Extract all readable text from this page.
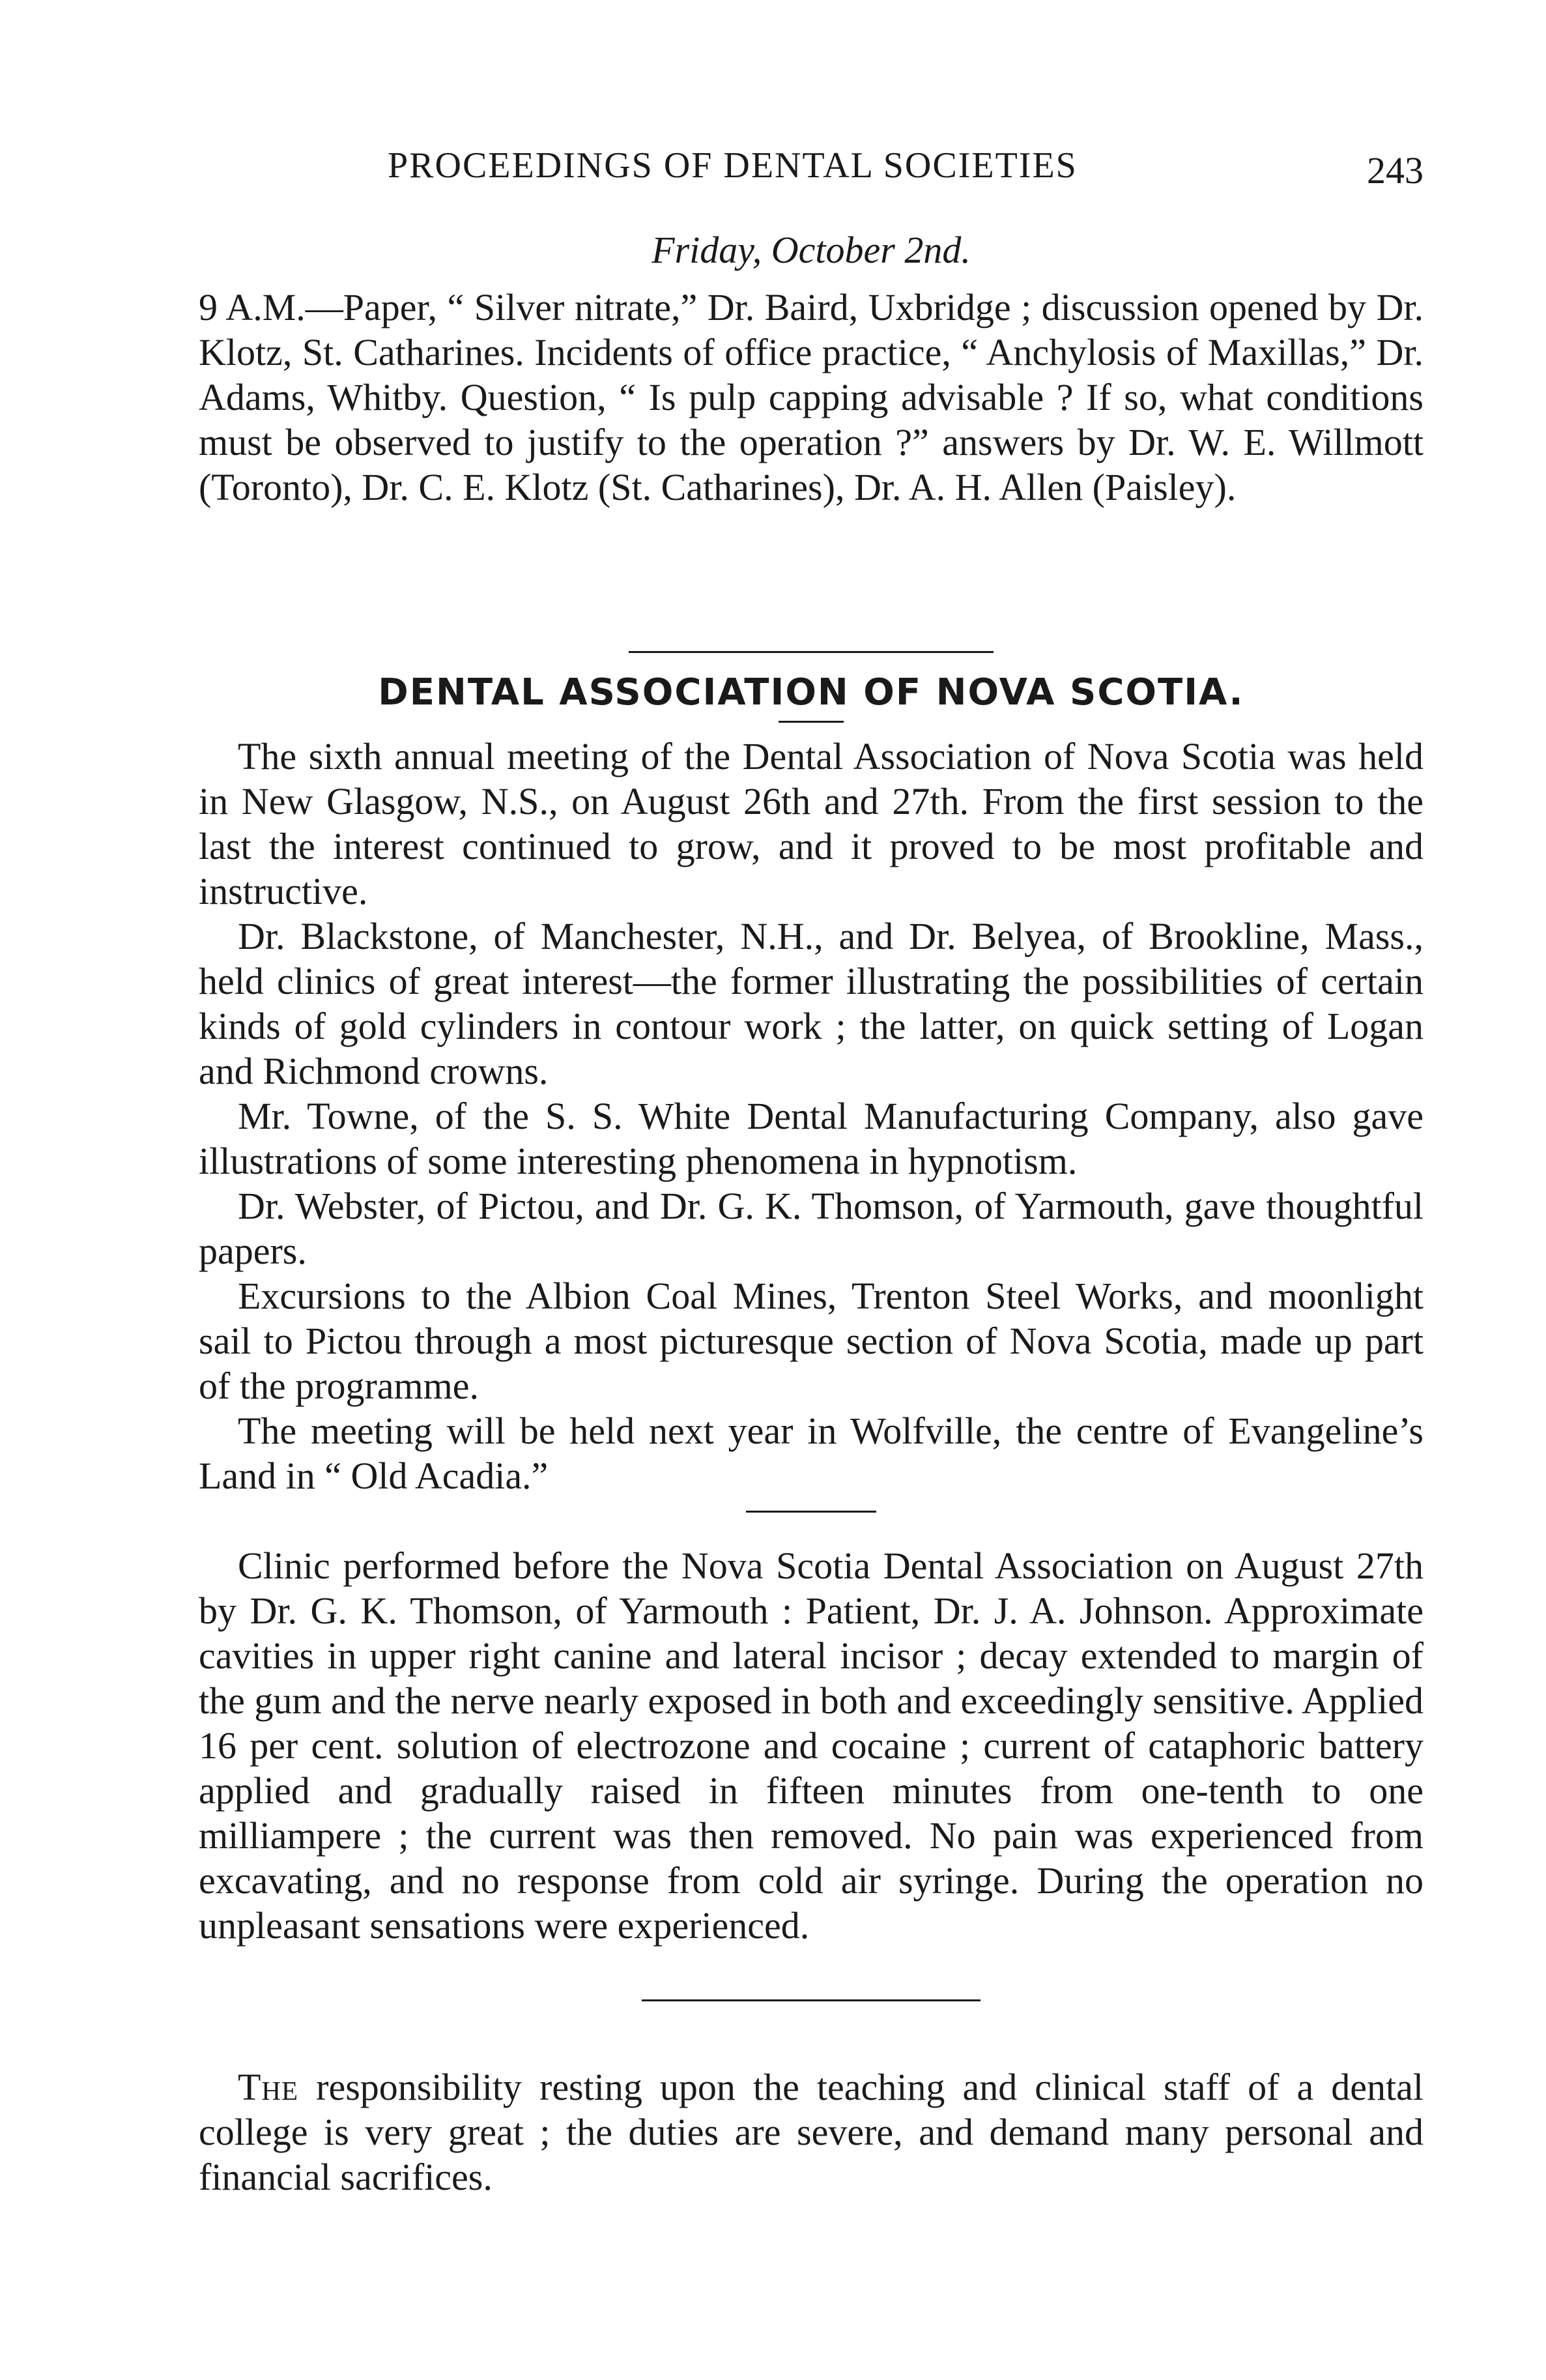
PROCEEDINGS OF DENTAL SOCIETIES	243
Friday, October 2nd.

9 A.M.—Paper, “ Silver nitrate,” Dr. Baird, Uxbridge ; discussion opened by Dr. Klotz, St. Catharines. Incidents of office practice, “ Anchylosis of Maxillas,” Dr. Adams, Whitby. Question, “ Is pulp capping advisable ? If so, what conditions must be observed to justify to the operation ?” answers by Dr. W. E. Willmott (Toronto), Dr. C. E. Klotz (St. Catharines), Dr. A. H. Allen (Paisley).

DENTAL ASSOCIATION OF NOVA SCOTIA.

The sixth annual meeting of the Dental Association of Nova Scotia was held in New Glasgow, N.S., on August 26th and 27th. From the first session to the last the interest continued to grow, and it proved to be most profitable and instructive.

Dr. Blackstone, of Manchester, N.H., and Dr. Belyea, of Brookline, Mass., held clinics of great interest—the former illustrating the possibilities of certain kinds of gold cylinders in contour work ; the latter, on quick setting of Logan and Richmond crowns.

Mr. Towne, of the S. S. White Dental Manufacturing Company, also gave illustrations of some interesting phenomena in hypnotism.

Dr. Webster, of Pictou, and Dr. G. K. Thomson, of Yarmouth, gave thoughtful papers.

Excursions to the Albion Coal Mines, Trenton Steel Works, and moonlight sail to Pictou through a most picturesque section of Nova Scotia, made up part of the programme.

The meeting will be held next year in Wolfville, the centre of Evangeline’s Land in “ Old Acadia.”

Clinic performed before the Nova Scotia Dental Association on August 27th by Dr. G. K. Thomson, of Yarmouth : Patient, Dr. J. A. Johnson. Approximate cavities in upper right canine and lateral incisor ; decay extended to margin of the gum and the nerve nearly exposed in both and exceedingly sensitive. Applied 16 per cent. solution of electrozone and cocaine ; current of cataphoric battery applied and gradually raised in fifteen minutes from one-tenth to one milliampere ; the current was then removed. No pain was experienced from excavating, and no response from cold air syringe. During the operation no unpleasant sensations were experienced.

The responsibility resting upon the teaching and clinical staff of a dental college is very great ; the duties are severe, and demand many personal and financial sacrifices.
